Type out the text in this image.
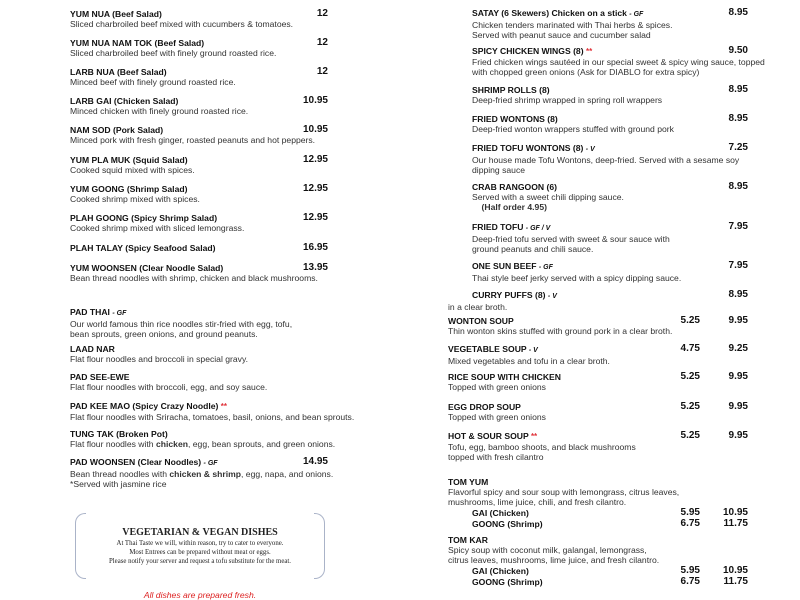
YUM NUA (Beef Salad)
Sliced charbroiled beef mixed with cucumbers & tomatoes.
12
YUM NUA NAM TOK (Beef Salad)
Sliced charbroiled beef with finely ground roasted rice.
12
LARB NUA (Beef Salad)
Minced beef with finely ground roasted rice.
12
LARB GAI (Chicken Salad)
Minced chicken with finely ground roasted rice.
10.95
NAM SOD (Pork Salad)
Minced pork with fresh ginger, roasted peanuts and hot peppers.
10.95
YUM PLA MUK (Squid Salad)
Cooked squid mixed with spices.
12.95
YUM GOONG (Shrimp Salad)
Cooked shrimp mixed with spices.
12.95
PLAH GOONG (Spicy Shrimp Salad)
Cooked shrimp mixed with sliced lemongrass.
12.95
PLAH TALAY (Spicy Seafood Salad)	16.95
YUM WOONSEN (Clear Noodle Salad)
Bean thread noodles with shrimp, chicken and black mushrooms.
13.95
PAD THAI - GF
Our world famous thin rice noodles stir-fried with egg, tofu,
bean sprouts, green onions, and ground peanuts.
LAAD NAR
Flat flour noodles and broccoli in special gravy.
PAD SEE-EWE
Flat flour noodles with broccoli, egg, and soy sauce.
PAD KEE MAO (Spicy Crazy Noodle) **
Flat flour noodles with Sriracha, tomatoes, basil, onions, and bean sprouts.
TUNG TAK (Broken Pot)
Flat flour noodles with chicken, egg, bean sprouts, and green onions.
PAD WOONSEN (Clear Noodles) - GF
Bean thread noodles with chicken & shrimp, egg, napa, and onions.
*Served with jasmine rice
14.95
VEGETARIAN & VEGAN DISHES
At Thai Taste we will, within reason, try to cater to everyone.
Most Entrees can be prepared without meat or eggs.
Please notify your server and request a tofu substitute for the meat.
All dishes are prepared fresh.
SATAY (6 Skewers) Chicken on a stick - GF
Chicken tenders marinated with Thai herbs & spices.
Served with peanut sauce and cucumber salad
8.95
SPICY CHICKEN WINGS (8) **
Fried chicken wings sautéed in our special sweet & spicy wing sauce, topped
with chopped green onions (Ask for DIABLO for extra spicy)
9.50
SHRIMP ROLLS (8)
Deep-fried shrimp wrapped in spring roll wrappers
8.95
FRIED WONTONS (8)
Deep-fried wonton wrappers stuffed with ground pork
8.95
FRIED TOFU WONTONS (8) - V
Our house made Tofu Wontons, deep-fried. Served with a sesame soy
dipping sauce
7.25
CRAB RANGOON (6)
Served with a sweet chili dipping sauce.
(Half order 4.95)
8.95
FRIED TOFU - GF / V
Deep-fried tofu served with sweet & sour sauce with
ground peanuts and chili sauce.
7.95
ONE SUN BEEF - GF
Thai style beef jerky served with a spicy dipping sauce.
7.95
CURRY PUFFS (8) - V	8.95
in a clear broth.
WONTON SOUP
Thin wonton skins stuffed with ground pork in a clear broth.
5.25	9.95
VEGETABLE SOUP - V
Mixed vegetables and tofu in a clear broth.
4.75	9.25
RICE SOUP WITH CHICKEN
Topped with green onions
5.25	9.95
EGG DROP SOUP
Topped with green onions
5.25	9.95
HOT & SOUR SOUP **
Tofu, egg, bamboo shoots, and black mushrooms
topped with fresh cilantro
5.25	9.95
TOM YUM
Flavorful spicy and sour soup with lemongrass, citrus leaves,
mushrooms, lime juice, chili, and fresh cilantro.
GAI (Chicken)	5.95	10.95
GOONG (Shrimp)	6.75	11.75
TOM KAR
Spicy soup with coconut milk, galangal, lemongrass,
citrus leaves, mushrooms, lime juice, and fresh cilantro.
GAI (Chicken)	5.95	10.95
GOONG (Shrimp)	6.75	11.75
